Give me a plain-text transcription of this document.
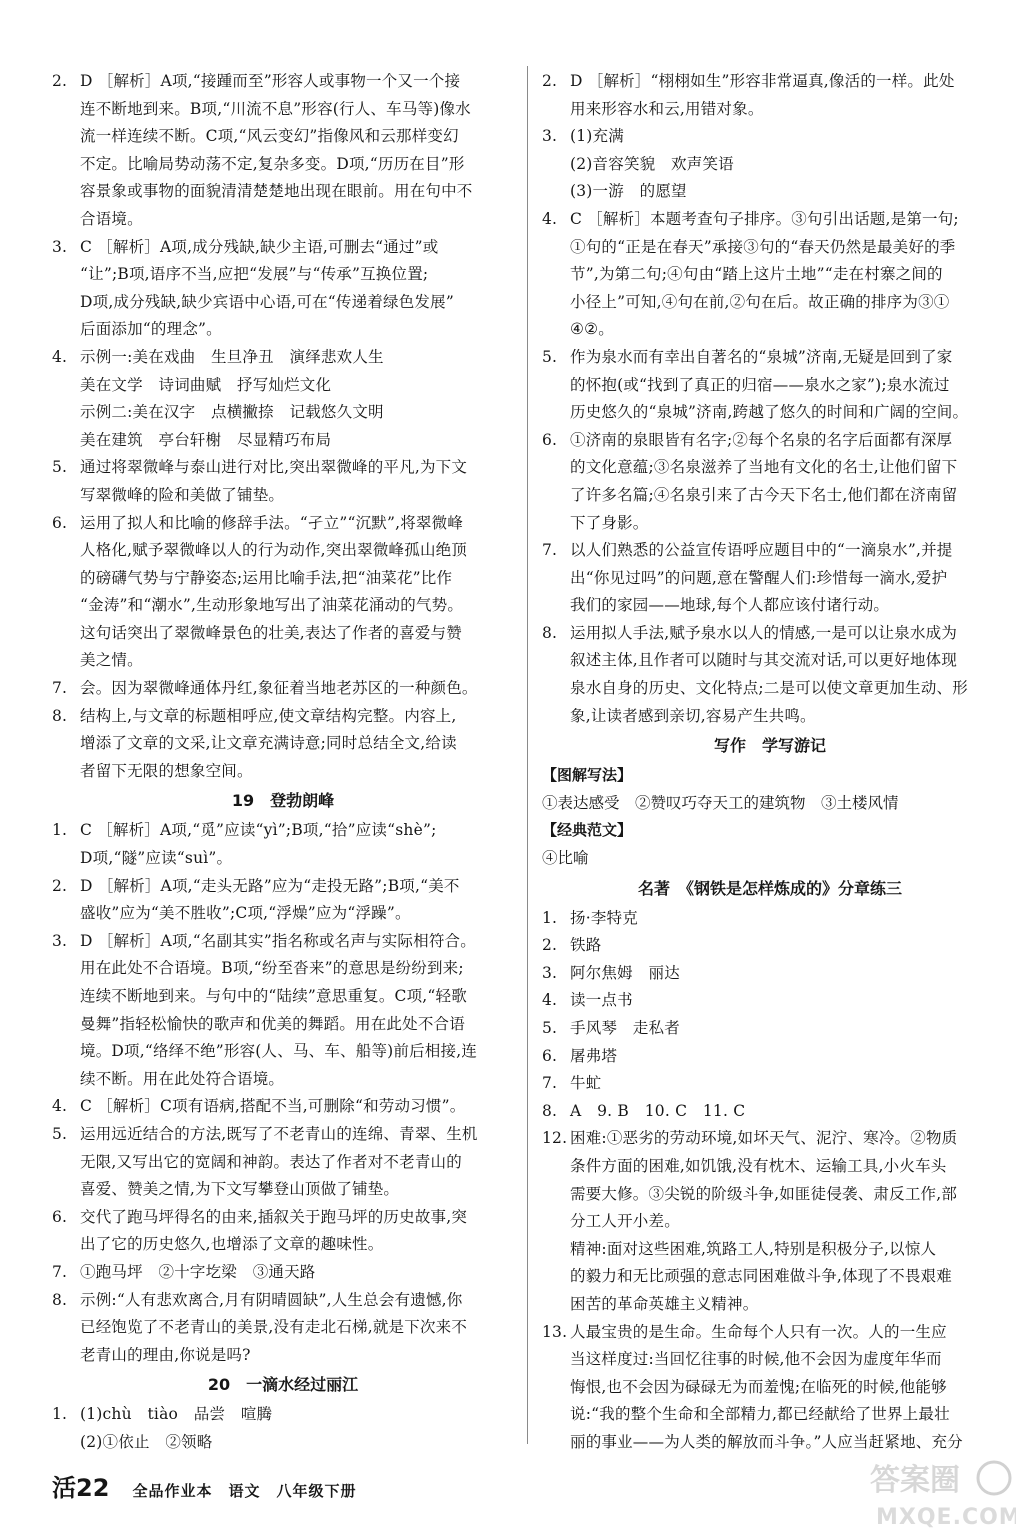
2. D ［解析］A项,“接踵而至”形容人或事物一个又一个接
连不断地到来。B项,“川流不息”形容(行人、车马等)像水
流一样连续不断。C项,“风云变幻”指像风和云那样变幻
不定。比喻局势动荡不定,复杂多变。D项,“历历在目”形
容景象或事物的面貌清清楚楚地出现在眼前。用在句中不
合语境。
3. C ［解析］A项,成分残缺,缺少主语,可删去“通过”或
“让”;B项,语序不当,应把“发展”与“传承”互换位置;
D项,成分残缺,缺少宾语中心语,可在“传递着绿色发展”
后面添加“的理念”。
4. 示例一:美在戏曲　生旦净丑　演绎悲欢人生
美在文学　诗词曲赋　抒写灿烂文化
示例二:美在汉字　点横撇捺　记载悠久文明
美在建筑　亭台轩榭　尽显精巧布局
5. 通过将翠微峰与泰山进行对比,突出翠微峰的平凡,为下文
写翠微峰的险和美做了铺垫。
6. 运用了拟人和比喻的修辞手法。“孑立”“沉默”,将翠微峰
人格化,赋予翠微峰以人的行为动作,突出翠微峰孤山绝顶
的磅礴气势与宁静姿态;运用比喻手法,把“油菜花”比作
“金涛”和“潮水”,生动形象地写出了油菜花涌动的气势。
这句话突出了翠微峰景色的壮美,表达了作者的喜爱与赞
美之情。
7. 会。因为翠微峰通体丹红,象征着当地老苏区的一种颜色。
8. 结构上,与文章的标题相呼应,使文章结构完整。内容上,
增添了文章的文采,让文章充满诗意;同时总结全文,给读
者留下无限的想象空间。
19　登勃朗峰
1. C ［解析］A项,“觅”应读“yì”;B项,“拾”应读“shè”;
D项,“隧”应读“suì”。
2. D ［解析］A项,“走头无路”应为“走投无路”;B项,“美不
盛收”应为“美不胜收”;C项,“浮燥”应为“浮躁”。
3. D ［解析］A项,“名副其实”指名称或名声与实际相符合。
用在此处不合语境。B项,“纷至沓来”的意思是纷纷到来;
连续不断地到来。与句中的“陆续”意思重复。C项,“轻歌
曼舞”指轻松愉快的歌声和优美的舞蹈。用在此处不合语
境。D项,“络绎不绝”形容(人、马、车、船等)前后相接,连
续不断。用在此处符合语境。
4. C ［解析］C项有语病,搭配不当,可删除“和劳动习惯”。
5. 运用远近结合的方法,既写了不老青山的连绵、青翠、生机
无限,又写出它的宽阔和神韵。表达了作者对不老青山的
喜爱、赞美之情,为下文写攀登山顶做了铺垫。
6. 交代了跑马坪得名的由来,插叙关于跑马坪的历史故事,突
出了它的历史悠久,也增添了文章的趣味性。
7. ①跑马坪　②十字圪梁　③通天路
8. 示例:“人有悲欢离合,月有阴晴圆缺”,人生总会有遗憾,你
已经饱览了不老青山的美景,没有走北石梯,就是下次来不
老青山的理由,你说是吗?
20　一滴水经过丽江
1. (1)chù　tiào　品尝　喧腾
(2)①依止　②领略
2. D ［解析］“栩栩如生”形容非常逼真,像活的一样。此处
用来形容水和云,用错对象。
3. (1)充满
(2)音容笑貌　欢声笑语
(3)一游　的愿望
4. C ［解析］本题考查句子排序。③句引出话题,是第一句;
①句的“正是在春天”承接③句的“春天仍然是最美好的季
节”,为第二句;④句由“踏上这片土地”“走在村寨之间的
小径上”可知,④句在前,②句在后。故正确的排序为③①
④②。
5. 作为泉水而有幸出自著名的“泉城”济南,无疑是回到了家
的怀抱(或“找到了真正的归宿——泉水之家”);泉水流过
历史悠久的“泉城”济南,跨越了悠久的时间和广阔的空间。
6. ①济南的泉眼皆有名字;②每个名泉的名字后面都有深厚
的文化意蕴;③名泉滋养了当地有文化的名士,让他们留下
了许多名篇;④名泉引来了古今天下名士,他们都在济南留
下了身影。
7. 以人们熟悉的公益宣传语呼应题目中的“一滴泉水”,并提
出“你见过吗”的问题,意在警醒人们:珍惜每一滴水,爱护
我们的家园——地球,每个人都应该付诸行动。
8. 运用拟人手法,赋予泉水以人的情感,一是可以让泉水成为
叙述主体,且作者可以随时与其交流对话,可以更好地体现
泉水自身的历史、文化特点;二是可以使文章更加生动、形
象,让读者感到亲切,容易产生共鸣。
写作　学写游记
【图解写法】
①表达感受　②赞叹巧夺天工的建筑物　③土楼风情
【经典范文】
④比喻
名著　《钢铁是怎样炼成的》分章练三
1. 扬·李特克
2. 铁路
3. 阿尔焦姆　丽达
4. 读一点书
5. 手风琴　走私者
6. 屠弗塔
7. 牛虻
8. A　9. B　10. C　11. C
12. 困难:①恶劣的劳动环境,如坏天气、泥泞、寒冷。②物质
条件方面的困难,如饥饿,没有枕木、运输工具,小火车头
需要大修。③尖锐的阶级斗争,如匪徒侵袭、肃反工作,部
分工人开小差。
精神:面对这些困难,筑路工人,特别是积极分子,以惊人
的毅力和无比顽强的意志同困难做斗争,体现了不畏艰难
困苦的革命英雄主义精神。
13. 人最宝贵的是生命。生命每个人只有一次。人的一生应
当这样度过:当回忆往事的时候,他不会因为虚度年华而
悔恨,也不会因为碌碌无为而羞愧;在临死的时候,他能够
说:“我的整个生命和全部精力,都已经献给了世界上最壮
丽的事业——为人类的解放而斗争。”人应当赶紧地、充分
活22 全品作业本　语文　八年级下册	答案圈
MXQE.COM
